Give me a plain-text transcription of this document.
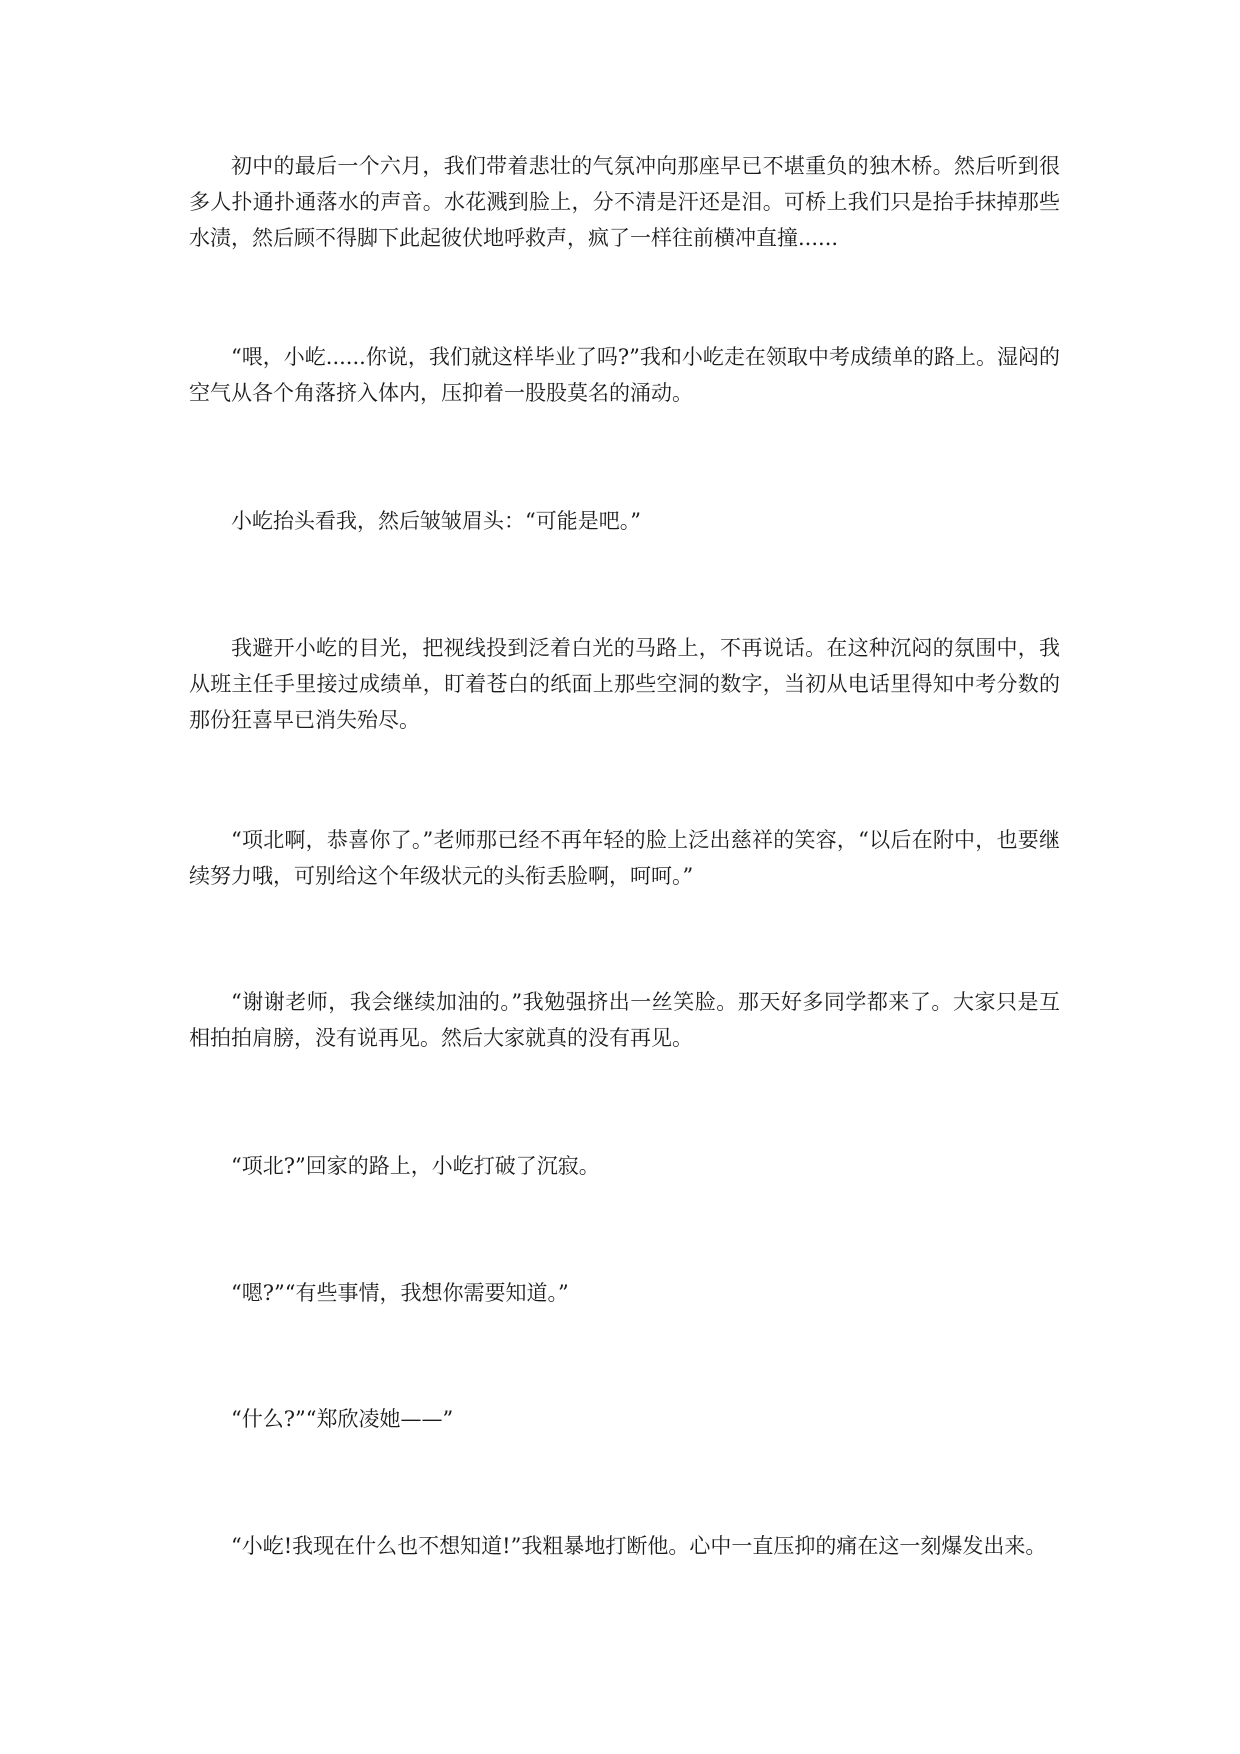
初中的最后一个六月，我们带着悲壮的气氛冲向那座早已不堪重负的独木桥。然后听到很多人扑通扑通落水的声音。水花溅到脸上，分不清是汗还是泪。可桥上我们只是抬手抹掉那些水渍，然后顾不得脚下此起彼伏地呼救声，疯了一样往前横冲直撞......

“喂，小屹......你说，我们就这样毕业了吗?”我和小屹走在领取中考成绩单的路上。湿闷的空气从各个角落挤入体内，压抑着一股股莫名的涌动。

小屹抬头看我，然后皱皱眉头：“可能是吧。”

我避开小屹的目光，把视线投到泛着白光的马路上，不再说话。在这种沉闷的氛围中，我从班主任手里接过成绩单，盯着苍白的纸面上那些空洞的数字，当初从电话里得知中考分数的那份狂喜早已消失殆尽。

“项北啊，恭喜你了。”老师那已经不再年轻的脸上泛出慈祥的笑容，“以后在附中，也要继续努力哦，可别给这个年级状元的头衔丢脸啊，呵呵。”

“谢谢老师，我会继续加油的。”我勉强挤出一丝笑脸。那天好多同学都来了。大家只是互相拍拍肩膀，没有说再见。然后大家就真的没有再见。

“项北?”回家的路上，小屹打破了沉寂。

“嗯?”“有些事情，我想你需要知道。”

“什么?”“郑欣凌她——”

“小屹!我现在什么也不想知道!”我粗暴地打断他。心中一直压抑的痛在这一刻爆发出来。
